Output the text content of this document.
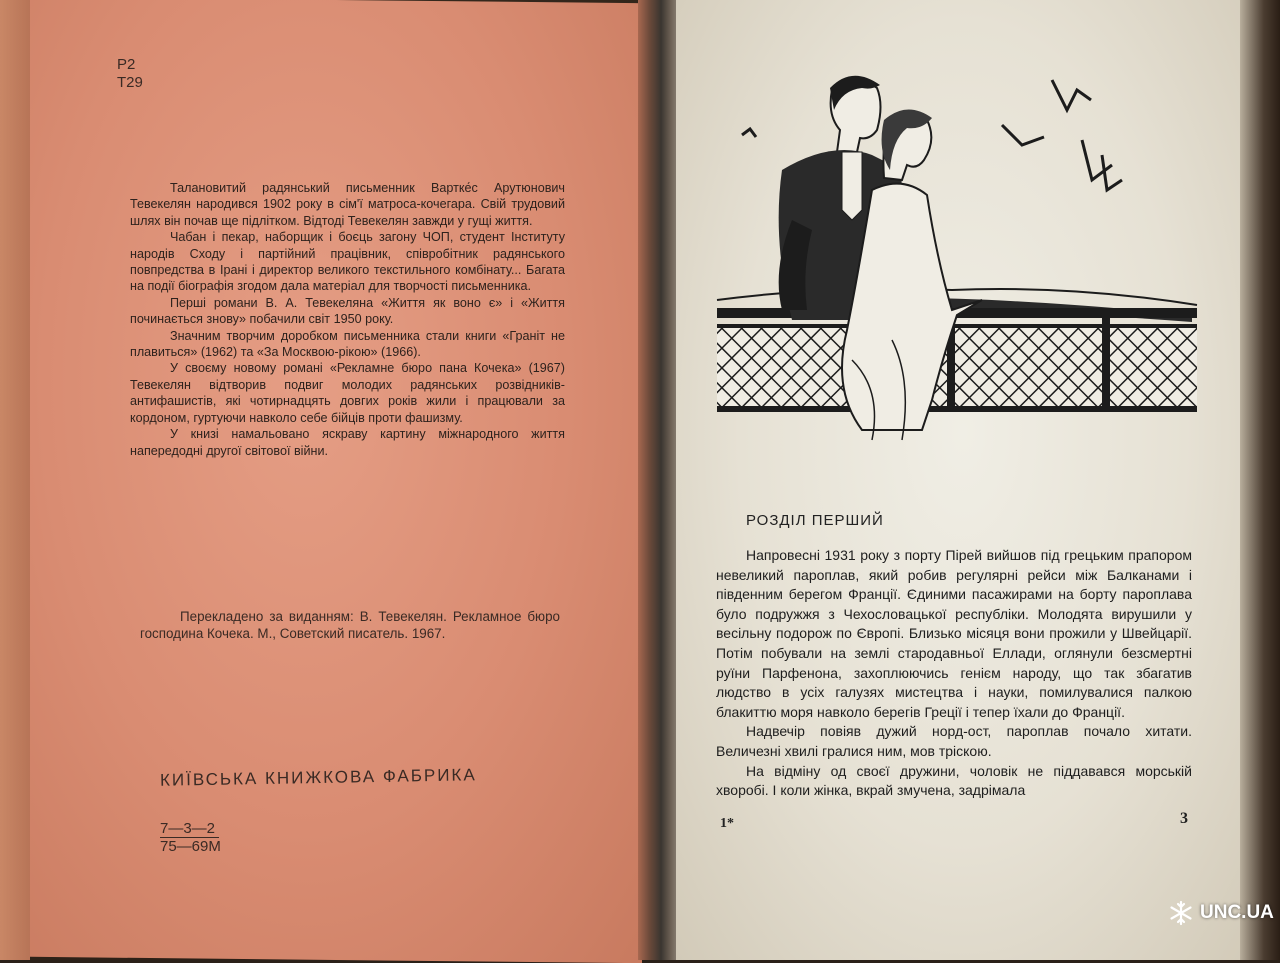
Р2
Т29

Талановитий радянський письменник Вартке́с Арутюнович Тевекелян народився 1902 року в сім'ї матроса-кочегара. Свій трудовий шлях він почав ще підлітком. Відтоді Тевекелян завжди у гущі життя.

Чабан і пекар, наборщик і боєць загону ЧОП, студент Інституту народів Сходу і партійний працівник, співробітник радянського повпредства в Ірані і директор великого текстильного комбінату... Багата на події біографія згодом дала матеріал для творчості письменника.

Перші романи В. А. Тевекеляна «Життя як воно є» і «Життя починається знову» побачили світ 1950 року.

Значним творчим доробком письменника стали книги «Граніт не плавиться» (1962) та «За Москвою-рікою» (1966).

У своєму новому романі «Рекламне бюро пана Кочека» (1967) Тевекелян відтворив подвиг молодих радянських розвідників-антифашистів, які чотирнадцять довгих років жили і працювали за кордоном, гуртуючи навколо себе бійців проти фашизму.

У книзі намальовано яскраву картину міжнародного життя напередодні другої світової війни.

Перекладено за виданням: В. Тевекелян. Рекламное бюро господина Кочека. М., Советский писатель. 1967.

КИЇВСЬКА КНИЖКОВА ФАБРИКА
7—3—2
75—69М
РОЗДІЛ ПЕРШИЙ

Напровесні 1931 року з порту Пірей вийшов під грецьким прапором невеликий пароплав, який робив регулярні рейси між Балканами і південним берегом Франції. Єдиними пасажирами на борту пароплава було подружжя з Чехословацької республіки. Молодята вирушили у весільну подорож по Європі. Близько місяця вони прожили у Швейцарії. Потім побували на землі стародавньої Еллади, оглянули безсмертні руїни Парфенона, захоплюючись генієм народу, що так збагатив людство в усіх галузях мистецтва і науки, помилувалися палкою блакиттю моря навколо берегів Греції і тепер їхали до Франції.

Надвечір повіяв дужий норд-ост, пароплав почало хитати. Величезні хвилі гралися ним, мов тріскою.

На відміну од своєї дружини, чоловік не піддавався морській хворобі. І коли жінка, вкрай змучена, задрімала

1*	3
UNC.UA
